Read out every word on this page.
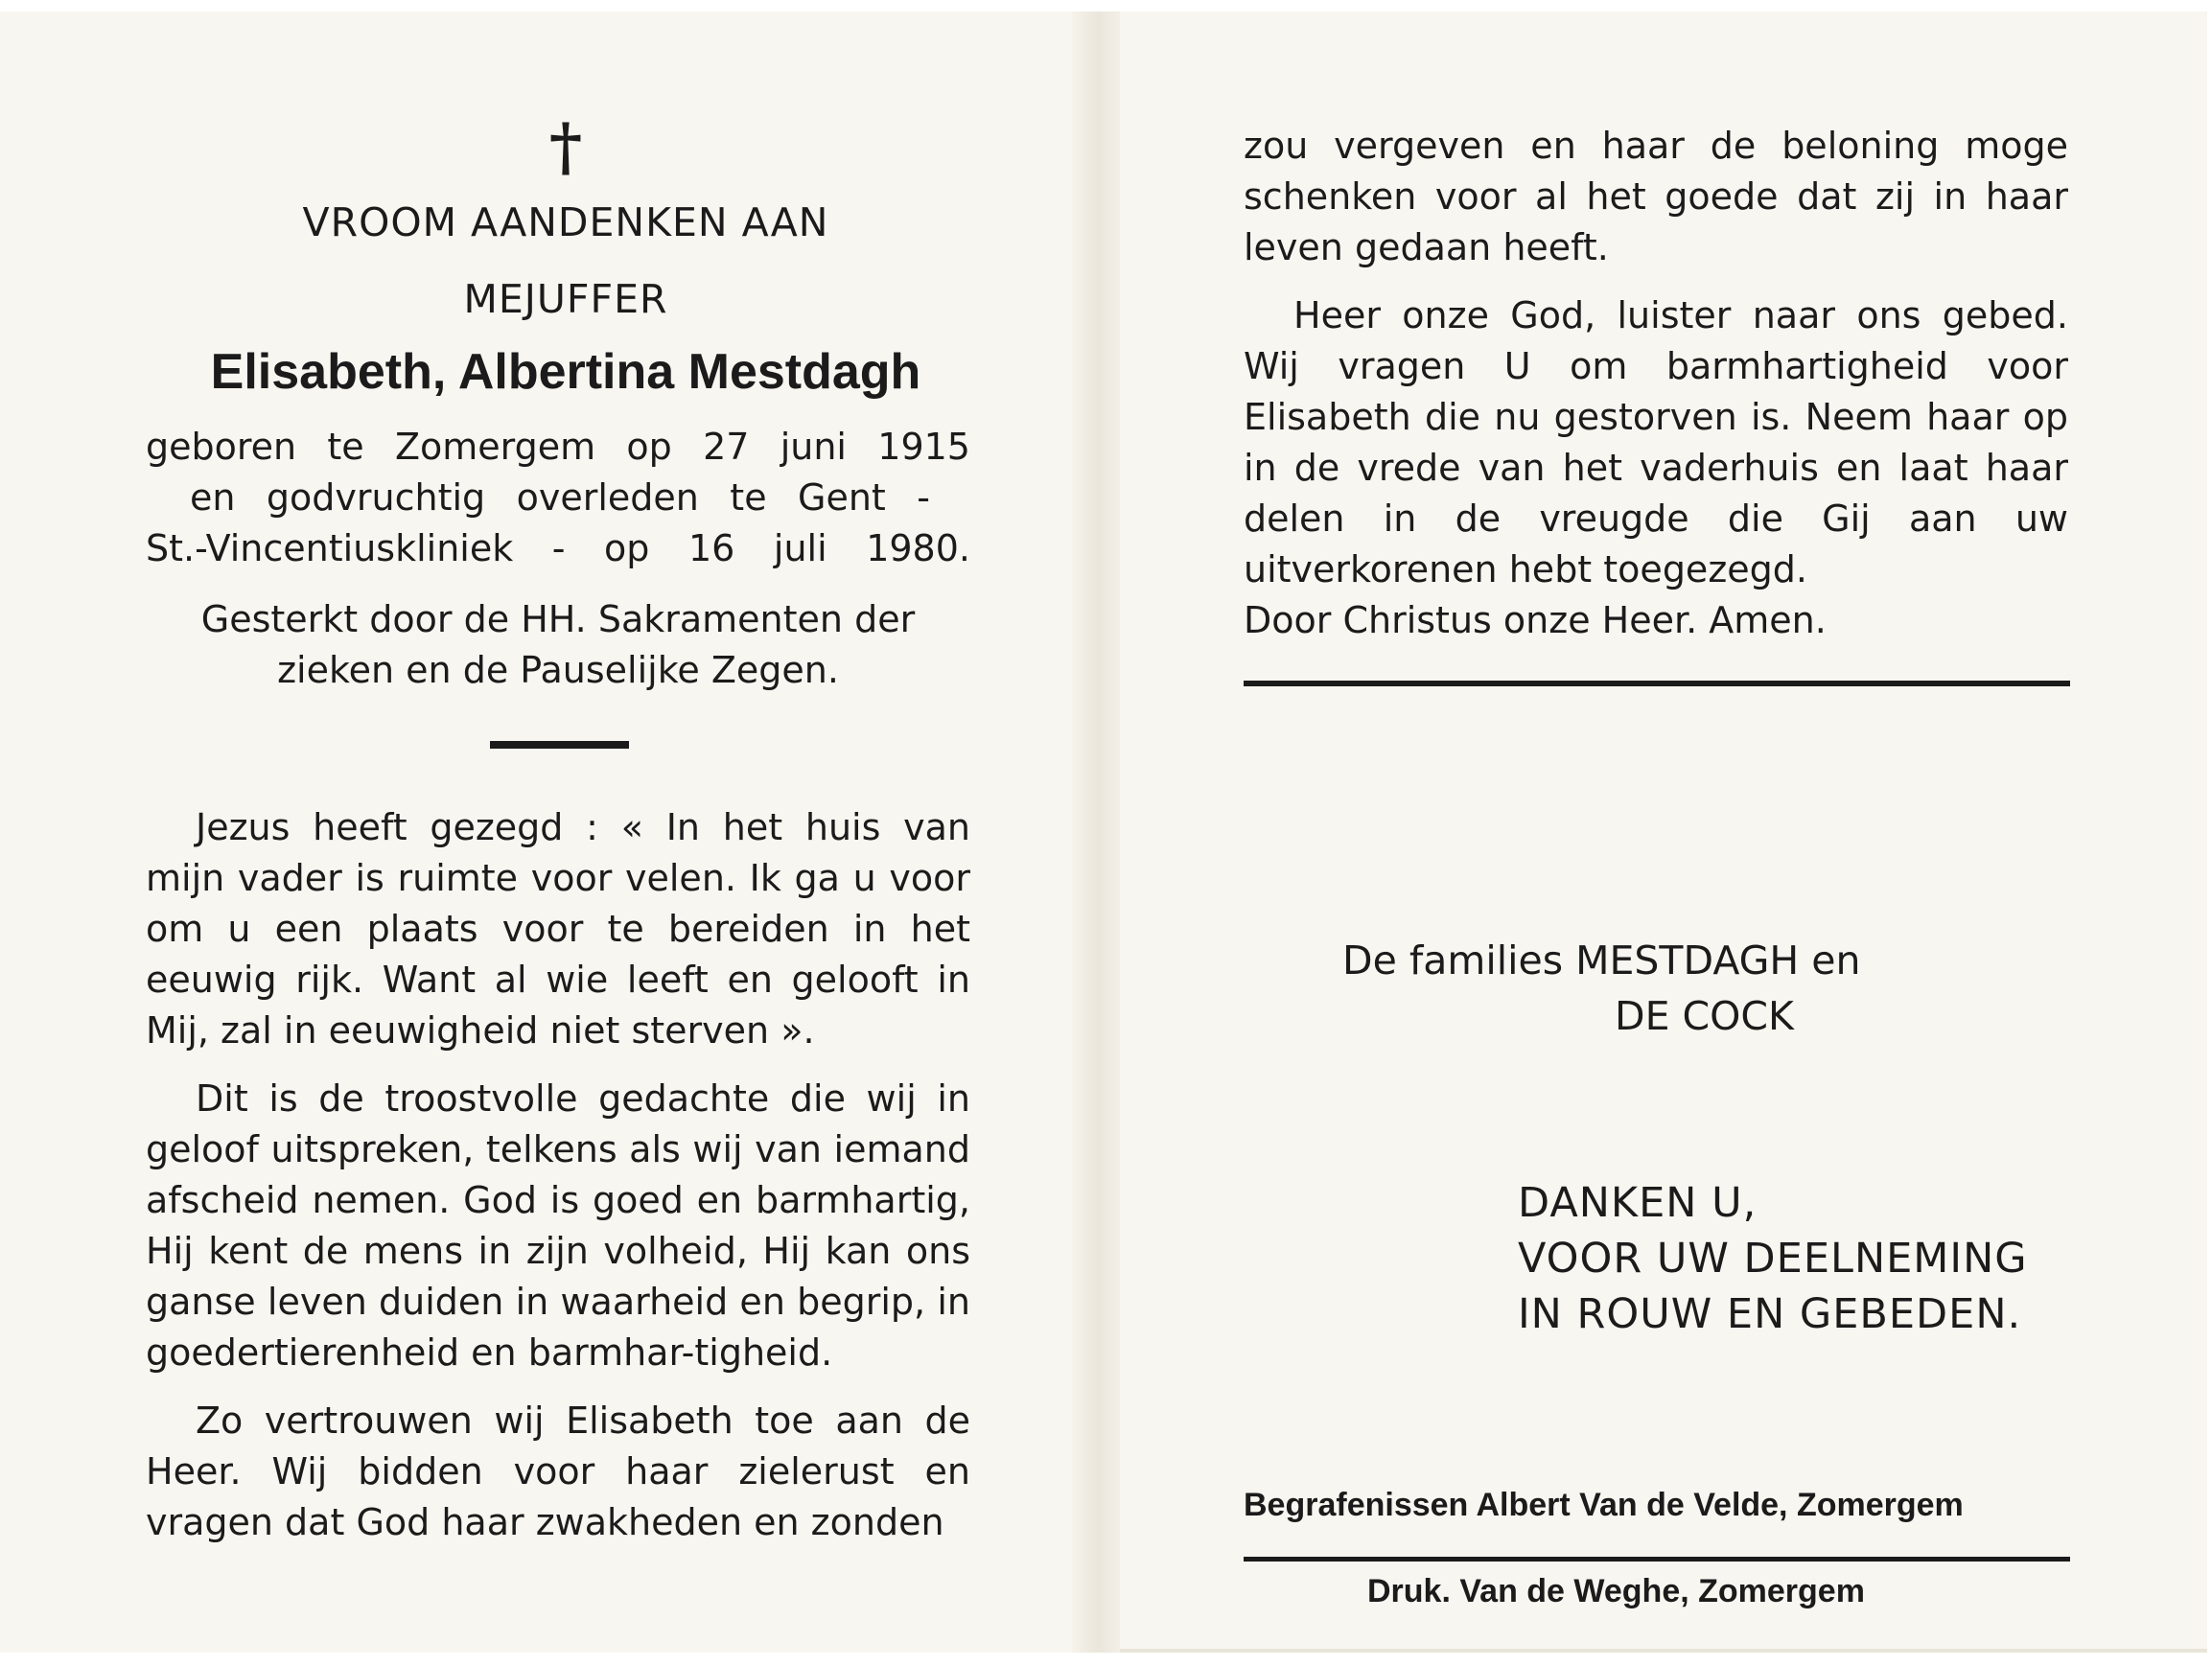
†
VROOM AANDENKEN AAN
MEJUFFER
Elisabeth, Albertina Mestdagh

geboren te Zomergem op 27 juni 1915

en godvruchtig overleden te Gent -

St.-Vincentiuskliniek - op 16 juli 1980.

Gesterkt door de HH. Sakramenten der

zieken en de Pauselijke Zegen.

Jezus heeft gezegd : « In het huis van mijn vader is ruimte voor velen. Ik ga u voor om u een plaats voor te bereiden in het eeuwig rijk. Want al wie leeft en gelooft in Mij, zal in eeuwigheid niet sterven ».

Dit is de troostvolle gedachte die wij in geloof uitspreken, telkens als wij van iemand afscheid nemen. God is goed en barmhartig, Hij kent de mens in zijn volheid, Hij kan ons ganse leven duiden in waarheid en begrip, in goedertierenheid en barmhar-tigheid.

Zo vertrouwen wij Elisabeth toe aan de Heer. Wij bidden voor haar zielerust en vragen dat God haar zwakheden en zonden

zou vergeven en haar de beloning moge schenken voor al het goede dat zij in haar leven gedaan heeft.

Heer onze God, luister naar ons gebed. Wij vragen U om barmhartigheid voor Elisabeth die nu gestorven is. Neem haar op in de vrede van het vaderhuis en laat haar delen in de vreugde die Gij aan uw uitverkorenen hebt toegezegd.

Door Christus onze Heer. Amen.

De families MESTDAGH en
DE COCK
DANKEN U,
VOOR UW DEELNEMING
IN ROUW EN GEBEDEN.
Begrafenissen Albert Van de Velde, Zomergem
Druk. Van de Weghe, Zomergem
